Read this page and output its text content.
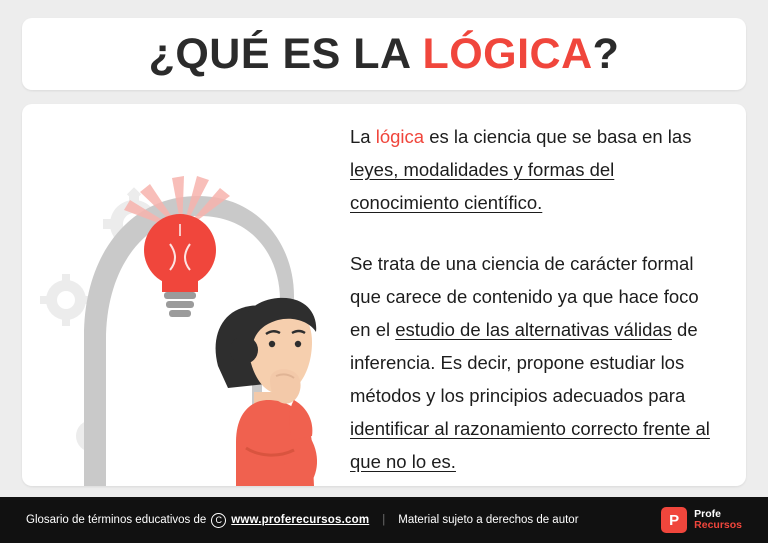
¿QUÉ ES LA LÓGICA?

La lógica es la ciencia que se basa en las leyes, modalidades y formas del conocimiento científico.

Se trata de una ciencia de carácter formal que carece de contenido ya que hace foco en el estudio de las alternativas válidas de inferencia. Es decir, propone estudiar los métodos y los principios adecuados para identificar al razonamiento correcto frente al que no lo es.

Glosario de términos educativos de	C www.proferecursos.com | Material sujeto a derechos de autor	P	Profe
Recursos
